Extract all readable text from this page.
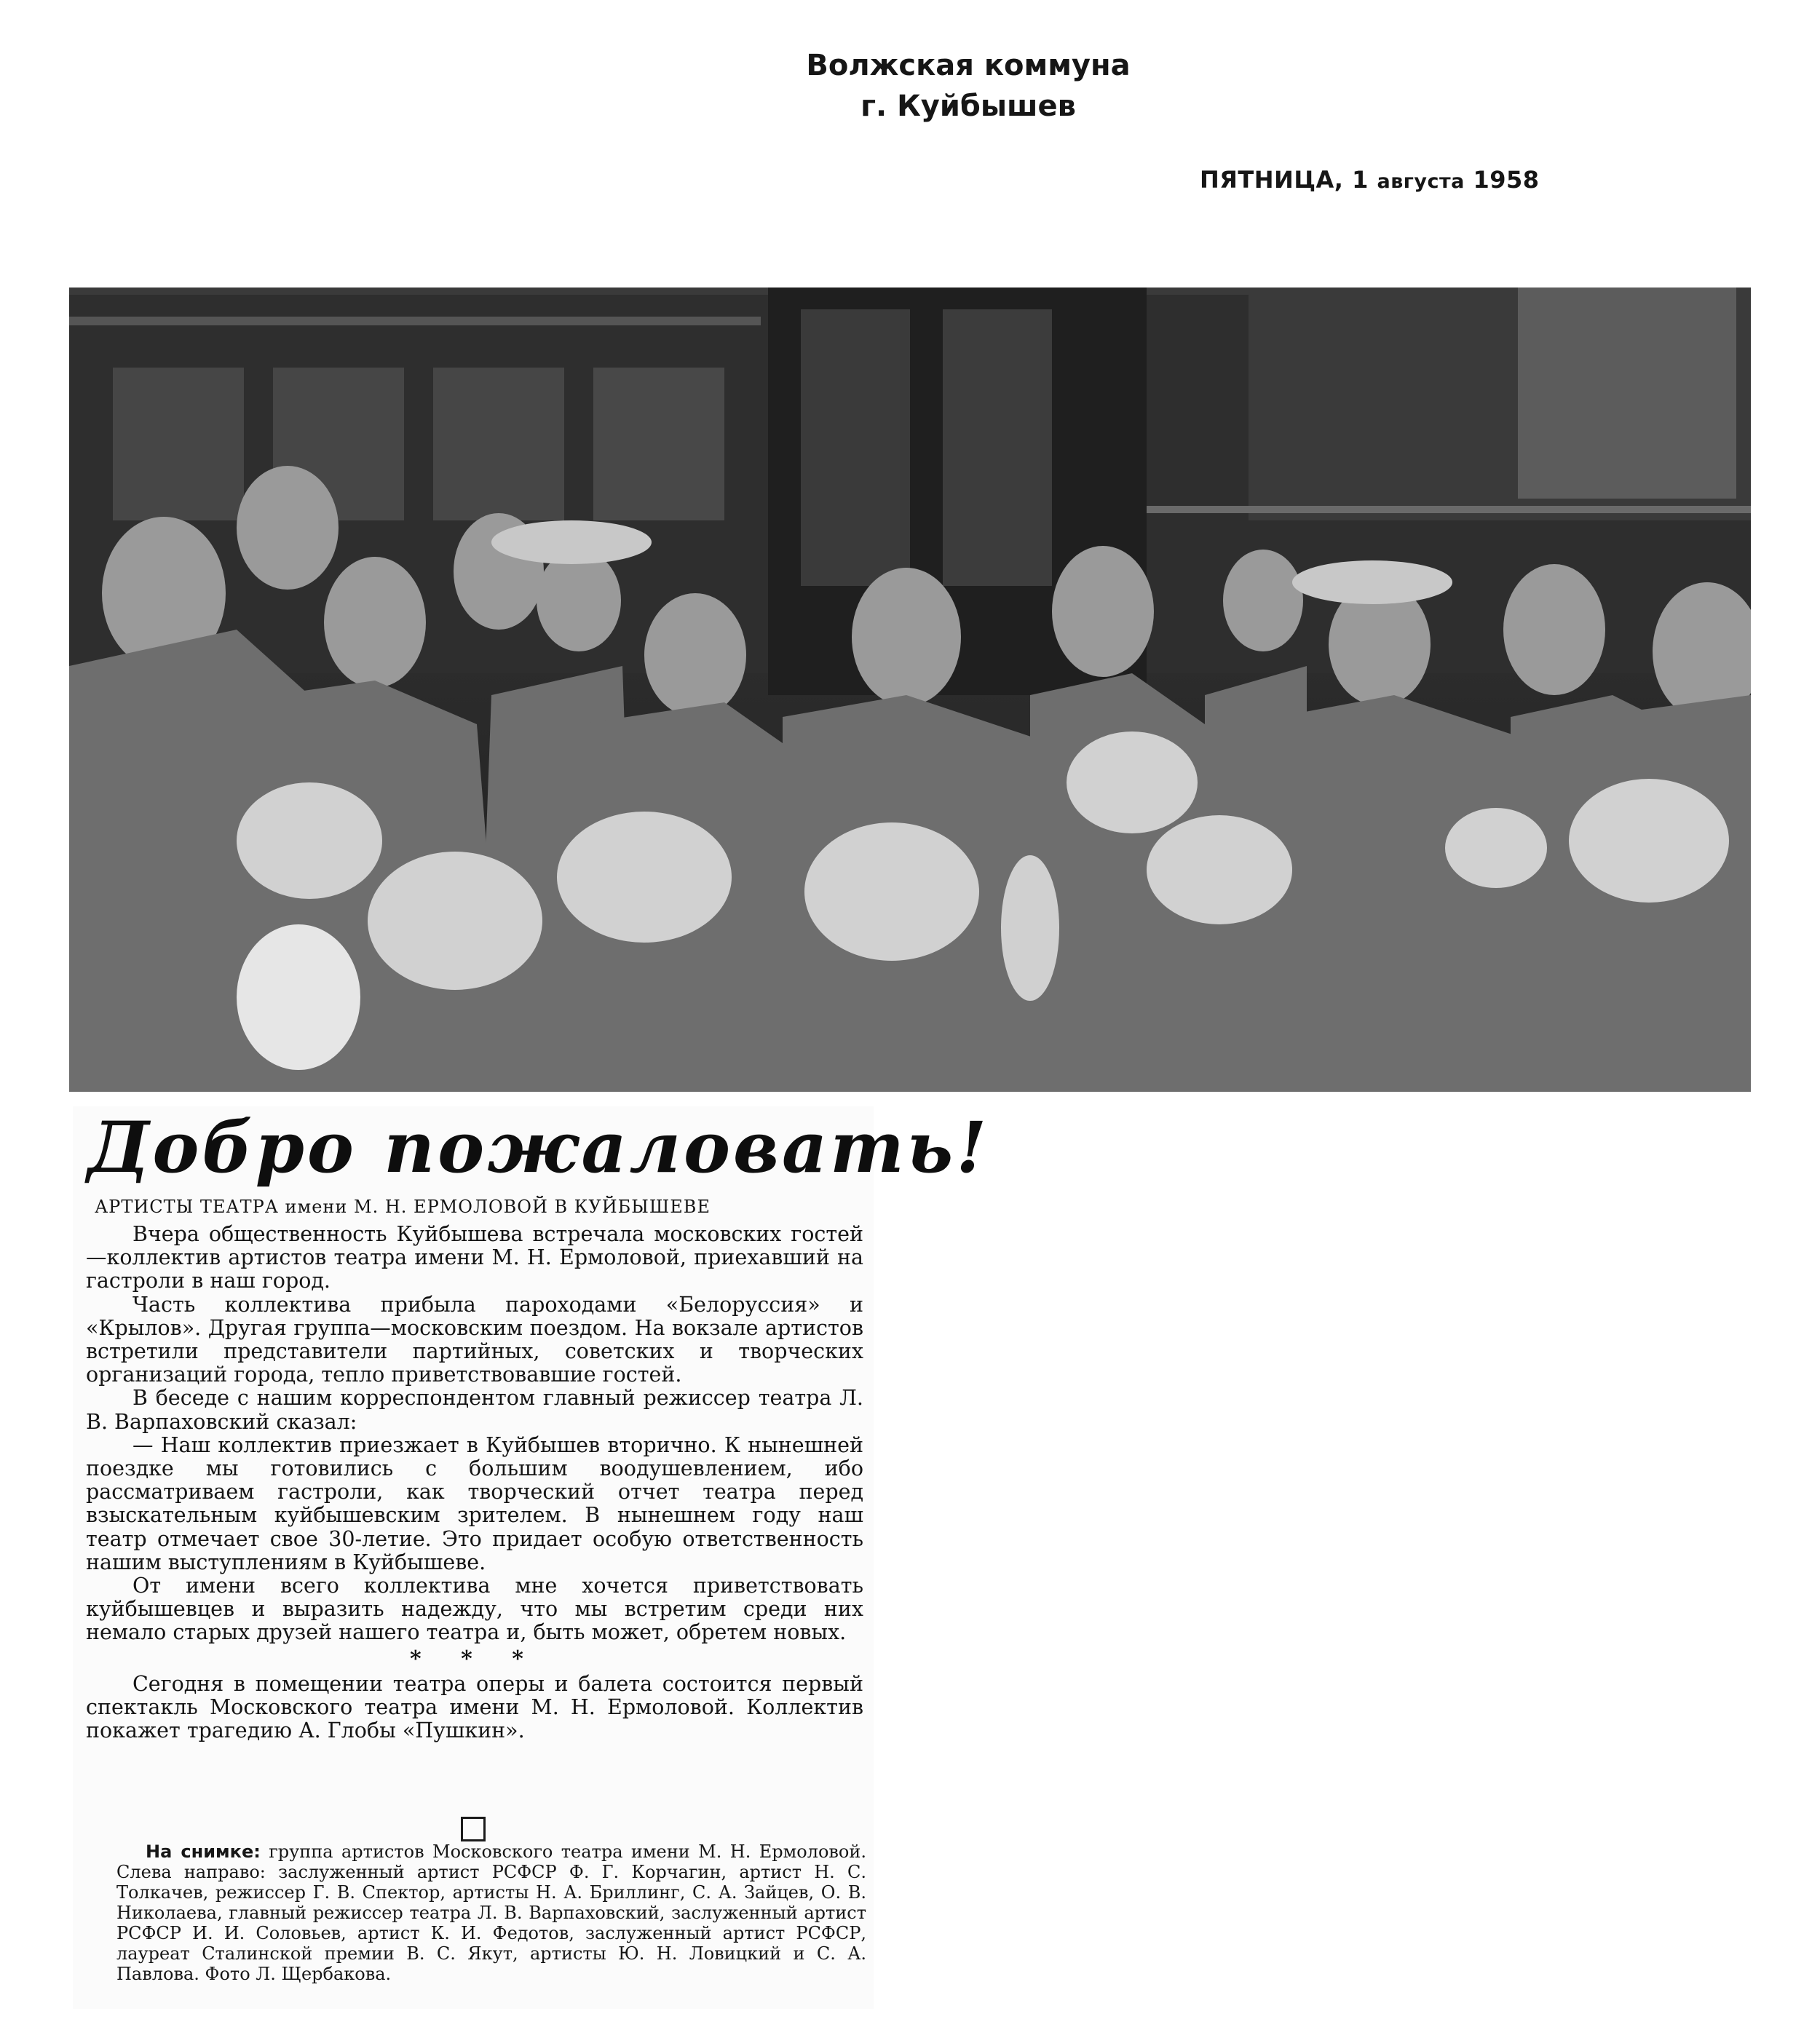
Волжская коммуна
г. Куйбышев
ПЯТНИЦА, 1 августа 1958
Добро пожаловать!
АРТИСТЫ ТЕАТРА имени М. Н. ЕРМОЛОВОЙ В КУЙБЫШЕВЕ

Вчера общественность Куйбышева встречала московских гостей—коллектив артистов театра имени М. Н. Ермоловой, приехавший на гастроли в наш город.

Часть коллектива прибыла пароходами «Белоруссия» и «Крылов». Другая группа—московским поездом. На вокзале артистов встретили представители партийных, советских и творческих организаций города, тепло приветствовавшие гостей.

В беседе с нашим корреспондентом главный режиссер театра Л. В. Варпаховский сказал:

— Наш коллектив приезжает в Куйбышев вторично. К нынешней поездке мы готовились с большим воодушевлением, ибо рассматриваем гастроли, как творческий отчет театра перед взыскательным куйбышевским зрителем. В нынешнем году наш театр отмечает свое 30-летие. Это придает особую ответственность нашим выступлениям в Куйбышеве.

От имени всего коллектива мне хочется приветствовать куйбышевцев и выразить надежду, что мы встретим среди них немало старых друзей нашего театра и, быть может, обретем новых.

* * *

Сегодня в помещении театра оперы и балета состоится первый спектакль Московского театра имени М. Н. Ермоловой. Коллектив покажет трагедию А. Глобы «Пушкин».

На снимке: группа артистов Московского театра имени М. Н. Ермоловой. Слева направо: заслуженный артист РСФСР Ф. Г. Корчагин, артист Н. С. Толкачев, режиссер Г. В. Спектор, артисты Н. А. Бриллинг, С. А. Зайцев, О. В. Николаева, главный режиссер театра Л. В. Варпаховский, заслуженный артист РСФСР И. И. Соловьев, артист К. И. Федотов, заслуженный артист РСФСР, лауреат Сталинской премии В. С. Якут, артисты Ю. Н. Ловицкий и С. А. Павлова. Фото Л. Щербакова.
